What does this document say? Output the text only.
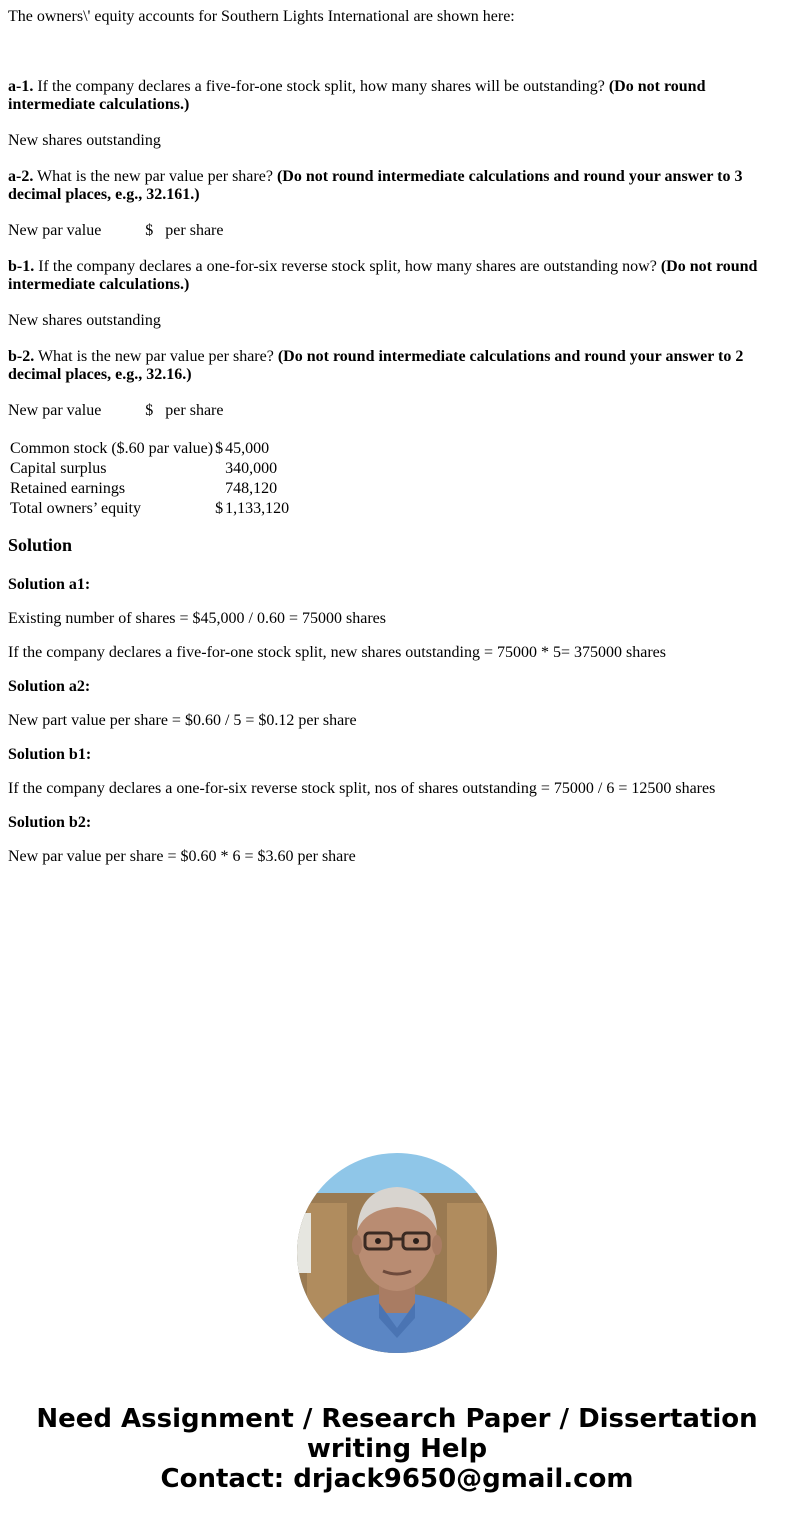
The owners\' equity accounts for Southern Lights International are shown here:

a-1. If the company declares a five-for-one stock split, how many shares will be outstanding? (Do not round intermediate calculations.)

New shares outstanding

a-2. What is the new par value per share? (Do not round intermediate calculations and round your answer to 3 decimal places, e.g., 32.161.)

New par value	$ per share

b-1. If the company declares a one-for-six reverse stock split, how many shares are outstanding now? (Do not round intermediate calculations.)

New shares outstanding

b-2. What is the new par value per share? (Do not round intermediate calculations and round your answer to 2 decimal places, e.g., 32.16.)

New par value	$ per share

Common stock ($.60 par value)	$	45,000
Capital surplus		340,000
Retained earnings		748,120
Total owners’ equity	$	1,133,120
Solution

Solution a1:

Existing number of shares = $45,000 / 0.60 = 75000 shares

If the company declares a five-for-one stock split, new shares outstanding = 75000 * 5= 375000 shares

Solution a2:

New part value per share = $0.60 / 5 = $0.12 per share

Solution b1:

If the company declares a one-for-six reverse stock split, nos of shares outstanding = 75000 / 6 = 12500 shares

Solution b2:

New par value per share = $0.60 * 6 = $3.60 per share

Need Assignment / Research Paper / Dissertation
writing Help
Contact: drjack9650@gmail.com
